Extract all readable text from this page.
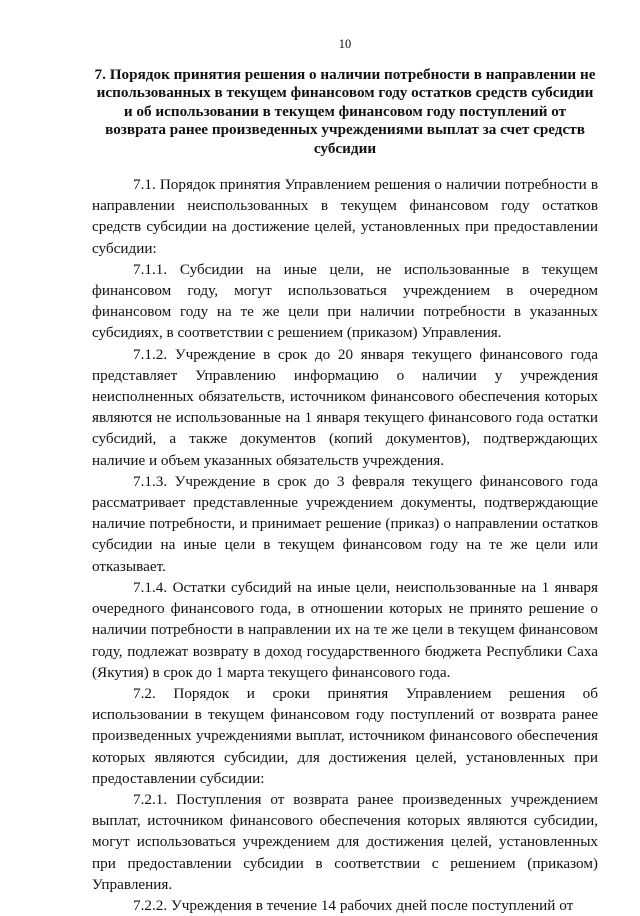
10
7. Порядок принятия решения о наличии потребности в направлении не использованных в текущем финансовом году остатков средств субсидии и об использовании в текущем финансовом году поступлений от возврата ранее произведенных учреждениями выплат за счет средств субсидии

7.1. Порядок принятия Управлением решения о наличии потребности в направлении неиспользованных в текущем финансовом году остатков средств субсидии на достижение целей, установленных при предоставлении субсидии:

7.1.1. Субсидии на иные цели, не использованные в текущем финансовом году, могут использоваться учреждением в очередном финансовом году на те же цели при наличии потребности в указанных субсидиях, в соответствии с решением (приказом) Управления.

7.1.2. Учреждение в срок до 20 января текущего финансового года представляет Управлению информацию о наличии у учреждения неисполненных обязательств, источником финансового обеспечения которых являются не использованные на 1 января текущего финансового года остатки субсидий, а также документов (копий документов), подтверждающих наличие и объем указанных обязательств учреждения.

7.1.3. Учреждение в срок до 3 февраля текущего финансового года рассматривает представленные учреждением документы, подтверждающие наличие потребности, и принимает решение (приказ) о направлении остатков субсидии на иные цели в текущем финансовом году на те же цели или отказывает.

7.1.4. Остатки субсидий на иные цели, неиспользованные на 1 января очередного финансового года, в отношении которых не принято решение о наличии потребности в направлении их на те же цели в текущем финансовом году, подлежат возврату в доход государственного бюджета Республики Саха (Якутия) в срок до 1 марта текущего финансового года.

7.2. Порядок и сроки принятия Управлением решения об использовании в текущем финансовом году поступлений от возврата ранее произведенных учреждениями выплат, источником финансового обеспечения которых являются субсидии, для достижения целей, установленных при предоставлении субсидии:

7.2.1. Поступления от возврата ранее произведенных учреждением выплат, источником финансового обеспечения которых являются субсидии, могут использоваться учреждением для достижения целей, установленных при предоставлении субсидии в соответствии с решением (приказом) Управления.

7.2.2. Учреждения в течение 14 рабочих дней после поступлений от
